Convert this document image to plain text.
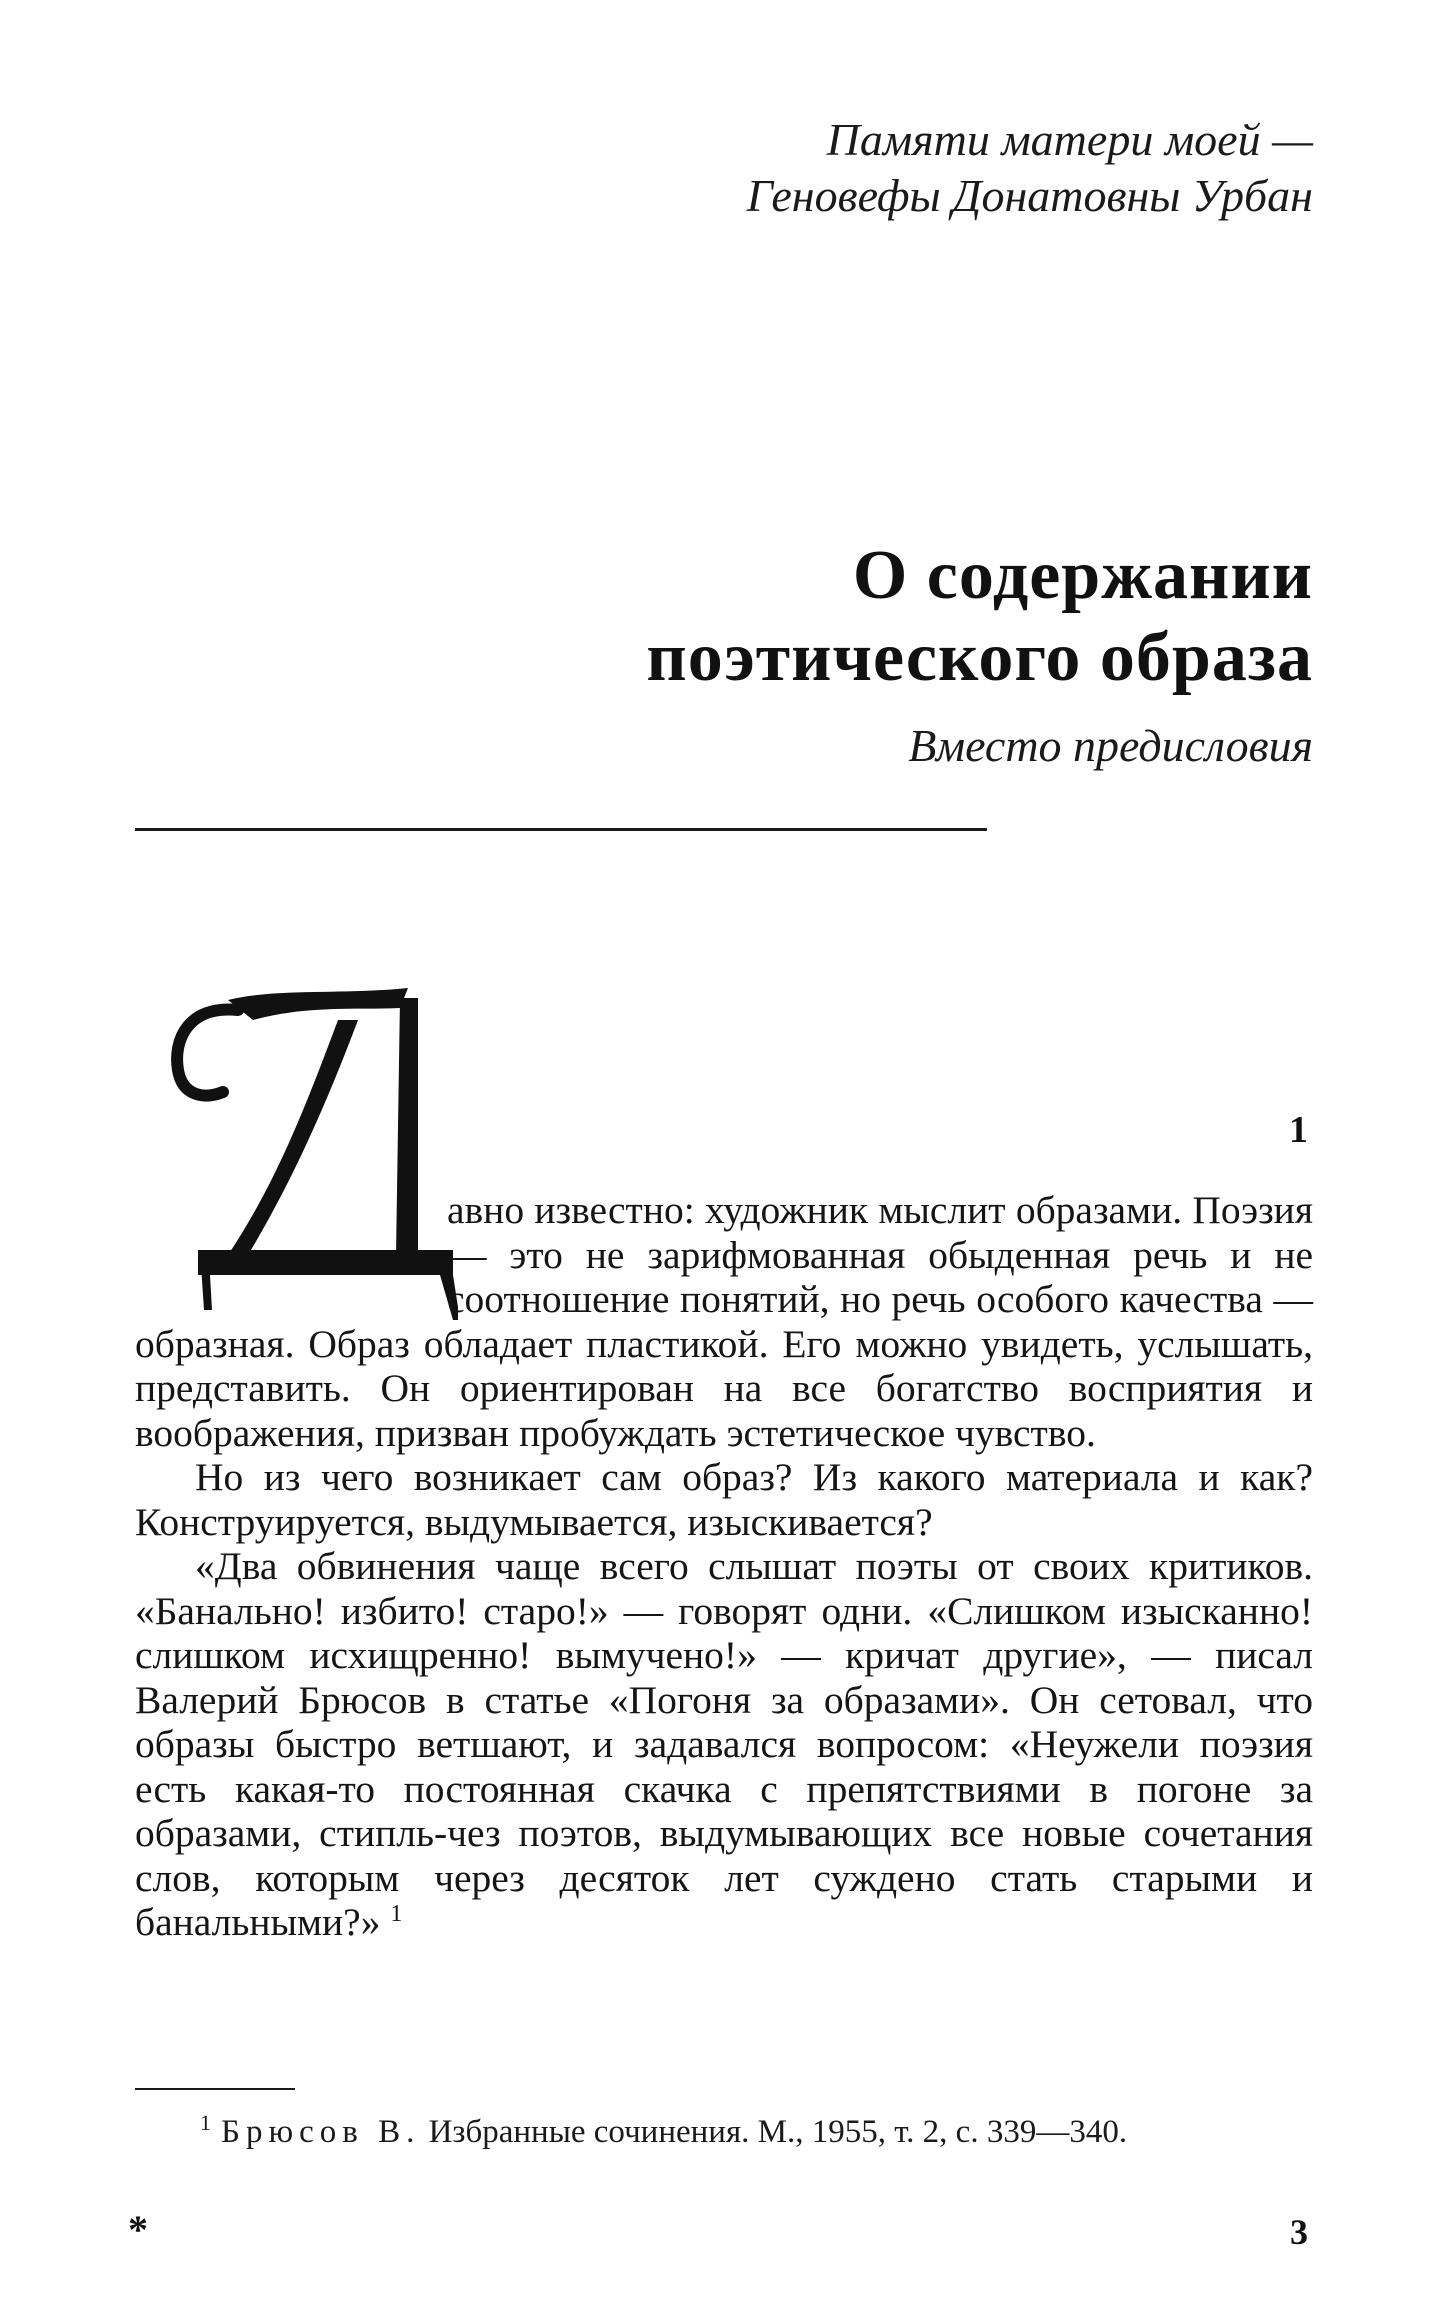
Памяти матери моей —
Геновефы Донатовны Урбан
О содержании
поэтического образа
Вместо предисловия
1

авно известно: художник мыслит образами. Поэзия — это не зарифмованная обыденная речь и не соотношение понятий, но речь особого качества — образная. Образ обладает пластикой. Его можно увидеть, услышать, представить. Он ориентирован на все богатство восприятия и воображения, призван пробуждать эстетическое чувство.

Но из чего возникает сам образ? Из какого материала и как? Конструируется, выдумывается, изыскивается?

«Два обвинения чаще всего слышат поэты от своих критиков. «Банально! избито! старо!» — говорят одни. «Слишком изысканно! слишком исхищренно! вымучено!» — кричат другие», — писал Валерий Брюсов в статье «Погоня за образами». Он сетовал, что образы быстро ветшают, и задавался вопросом: «Неужели поэзия есть какая-то постоянная скачка с препятствиями в погоне за образами, стипль-чез поэтов, выдумывающих все новые сочетания слов, которым через десяток лет суждено стать старыми и банальными?» $^1$

$^1$ Брюсов В. Избранные сочинения. М., 1955, т. 2, с. 339—340.
*	3
